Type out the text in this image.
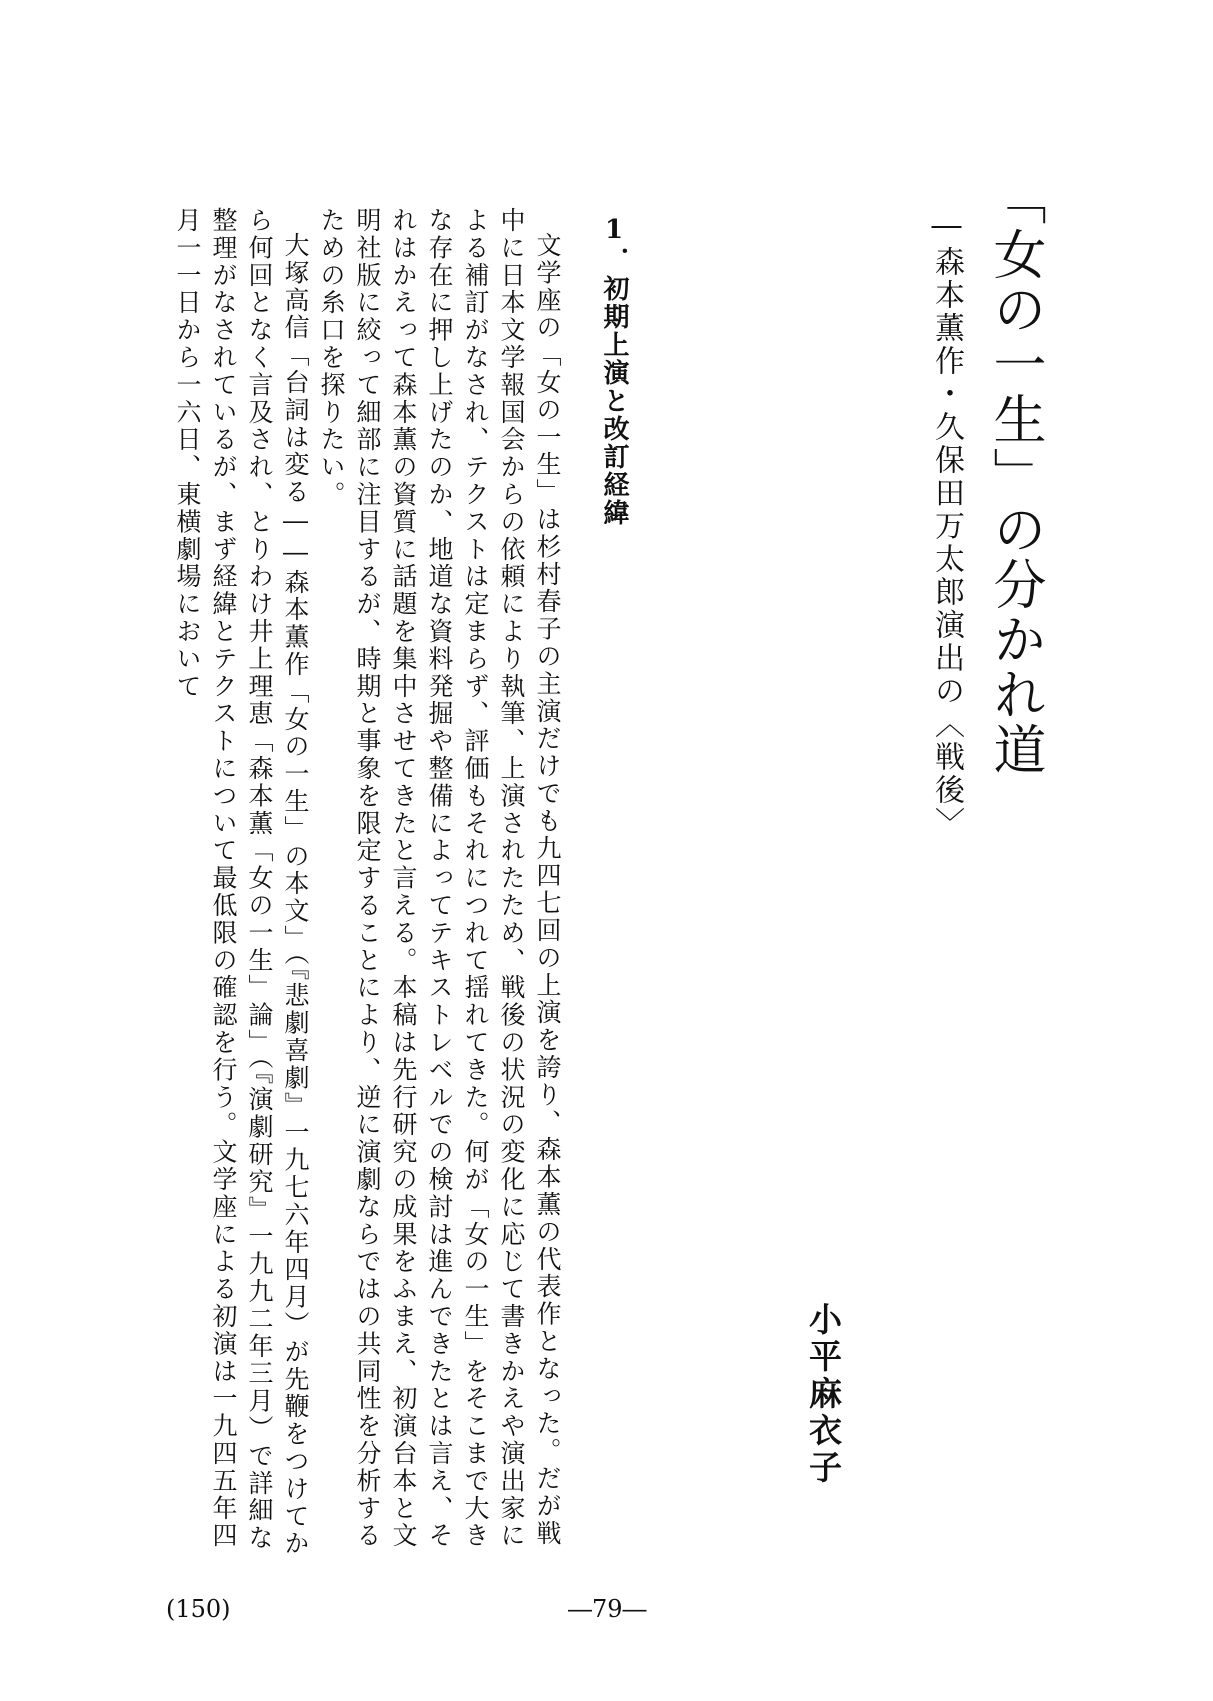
「女の一生」の分かれ道
―森本薫作・久保田万太郎演出の〈戦後〉
小平麻衣子
1．初期上演と改訂経緯

文学座の「女の一生」は杉村春子の主演だけでも九四七回の上演を誇り、森本薫の代表作となった。だが戦中に日本文学報国会からの依頼により執筆、上演されたため、戦後の状況の変化に応じて書きかえや演出家による補訂がなされ、テクストは定まらず、評価もそれにつれて揺れてきた。何が「女の一生」をそこまで大きな存在に押し上げたのか、地道な資料発掘や整備によってテキストレベルでの検討は進んできたとは言え、それはかえって森本薫の資質に話題を集中させてきたと言える。本稿は先行研究の成果をふまえ、初演台本と文明社版に絞って細部に注目するが、時期と事象を限定することにより、逆に演劇ならではの共同性を分析するための糸口を探りたい。

大塚高信「台詞は変る――森本薫作「女の一生」の本文」（『悲劇喜劇』一九七六年四月）が先鞭をつけてから何回となく言及され、とりわけ井上理恵「森本薫「女の一生」論」（『演劇研究』一九九二年三月）で詳細な整理がなされているが、まず経緯とテクストについて最低限の確認を行う。文学座による初演は一九四五年四月一一日から一六日、東横劇場において

(150)	―79―
